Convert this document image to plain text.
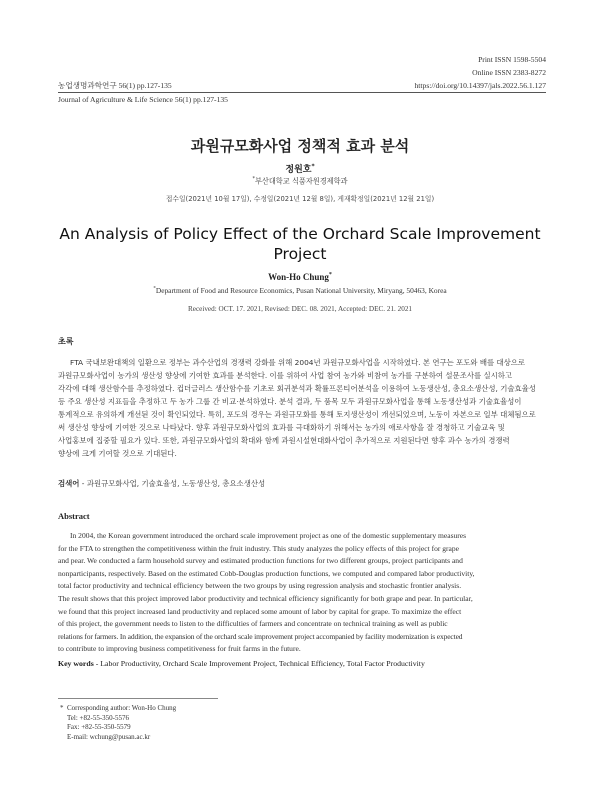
Print ISSN 1598-5504
Online ISSN 2383-8272
농업생명과학연구 56(1) pp.127-135	https://doi.org/10.14397/jals.2022.56.1.127
Journal of Agriculture & Life Science 56(1) pp.127-135
과원규모화사업 정책적 효과 분석
정원호*
*부산대학교 식품자원경제학과
접수일(2021년 10월 17일), 수정일(2021년 12월 8일), 게재확정일(2021년 12월 21일)
An Analysis of Policy Effect of the Orchard Scale Improvement
Project
Won-Ho Chung*
*Department of Food and Resource Economics, Pusan National University, Miryang, 50463, Korea
Received: OCT. 17. 2021, Revised: DEC. 08. 2021, Accepted: DEC. 21. 2021
초록
FTA 국내보완대책의 일환으로 정부는 과수산업의 경쟁력 강화를 위해 2004년 과원규모화사업을 시작하였다. 본 연구는 포도와 배를 대상으로
과원규모화사업이 농가의 생산성 향상에 기여한 효과를 분석한다. 이를 위하여 사업 참여 농가와 비참여 농가를 구분하여 설문조사를 실시하고
각각에 대해 생산함수를 추정하였다. 컵더글러스 생산함수를 기초로 회귀분석과 확률프론티어분석을 이용하여 노동생산성, 총요소생산성, 기술효율성
등 주요 생산성 지표들을 추정하고 두 농가 그룹 간 비교·분석하였다. 분석 결과, 두 품목 모두 과원규모화사업을 통해 노동생산성과 기술효율성이
통계적으로 유의하게 개선된 것이 확인되었다. 특히, 포도의 경우는 과원규모화를 통해 토지생산성이 개선되었으며, 노동이 자본으로 일부 대체됨으로
써 생산성 향상에 기여한 것으로 나타났다. 향후 과원규모화사업의 효과를 극대화하기 위해서는 농가의 애로사항을 잘 경청하고 기술교육 및
사업홍보에 집중할 필요가 있다. 또한, 과원규모화사업의 확대와 함께 과원시설현대화사업이 추가적으로 지원된다면 향후 과수 농가의 경쟁력
향상에 크게 기여할 것으로 기대된다.
검색어 - 과원규모화사업, 기술효율성, 노동생산성, 총요소생산성
Abstract
In 2004, the Korean government introduced the orchard scale improvement project as one of the domestic supplementary measures
for the FTA to strengthen the competitiveness within the fruit industry. This study analyzes the policy effects of this project for grape
and pear. We conducted a farm household survey and estimated production functions for two different groups, project participants and
nonparticipants, respectively. Based on the estimated Cobb-Douglas production functions, we computed and compared labor productivity,
total factor productivity and technical efficiency between the two groups by using regression analysis and stochastic frontier analysis.
The result shows that this project improved labor productivity and technical efficiency significantly for both grape and pear. In particular,
we found that this project increased land productivity and replaced some amount of labor by capital for grape. To maximize the effect
of this project, the government needs to listen to the difficulties of farmers and concentrate on technical training as well as public
relations for farmers. In addition, the expansion of the orchard scale improvement project accompanied by facility modernization is expected
to contribute to improving business competitiveness for fruit farms in the future.
Key words - Labor Productivity, Orchard Scale Improvement Project, Technical Efficiency, Total Factor Productivity
* Corresponding author: Won-Ho Chung
Tel: +82-55-350-5576
Fax: +82-55-350-5579
E-mail: wchung@pusan.ac.kr
